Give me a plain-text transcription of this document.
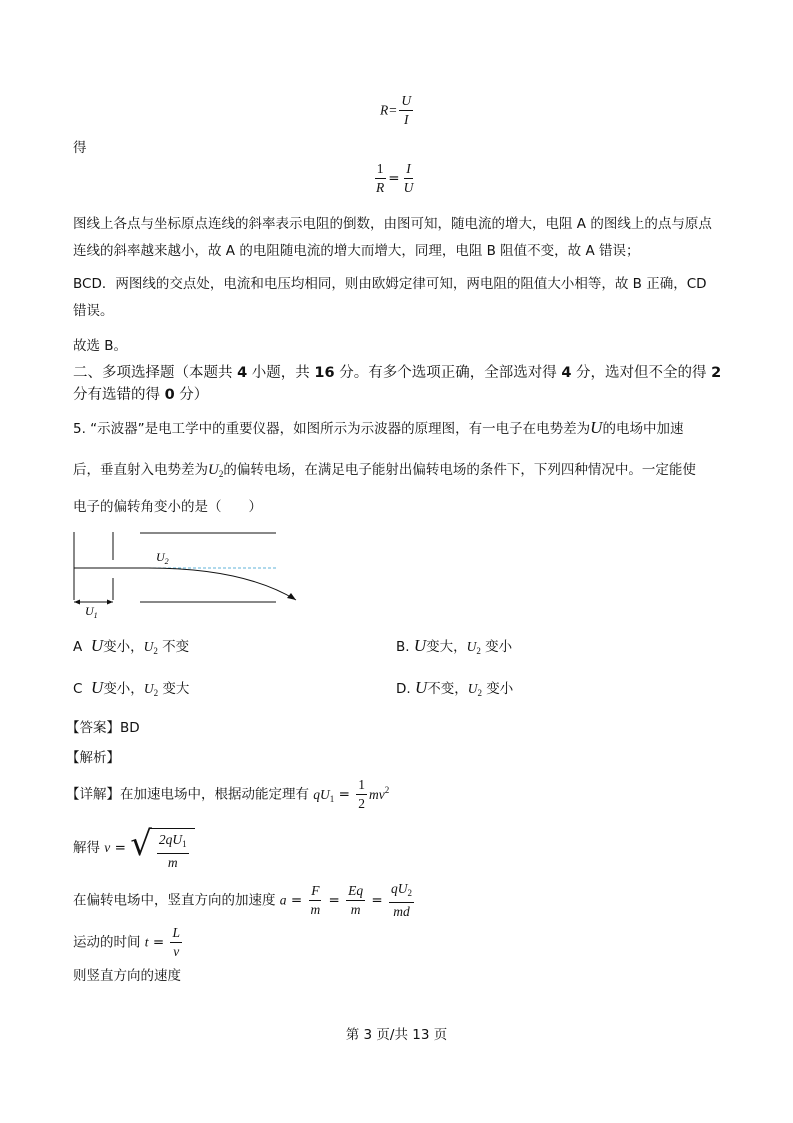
$R= \frac{U}{I}$
得
$\frac{1}{R} = \frac{I}{U}$
图线上各点与坐标原点连线的斜率表示电阻的倒数，由图可知，随电流的增大，电阻 A 的图线上的点与原点连线的斜率越来越小，故 A 的电阻随电流的增大而增大，同理，电阻 B 阻值不变，故 A 错误；
BCD．两图线的交点处，电流和电压均相同，则由欧姆定律可知，两电阻的阻值大小相等，故 B 正确，CD 错误。
故选 B。
二、多项选择题（本题共 4 小题，共 16 分。有多个选项正确，全部选对得 4 分，选对但不全的得 2 分有选错的得 0 分）
5. “示波器”是电工学中的重要仪器，如图所示为示波器的原理图，有一电子在电势差为U的电场中加速
后，垂直射入电势差为$U_2$的偏转电场，在满足电子能射出偏转电场的条件下，下列四种情况中。一定能使
电子的偏转角变小的是（　　）
$U_2$
$U_1$
A U变小，$U_2$ 不变	B. U变大，$U_2$ 变小
C U变小，$U_2$ 变大	D. U不变，$U_2$ 变小
【答案】BD
【解析】
【详解】在加速电场中，根据动能定理有 $qU_1 = \frac{1}{2} mv^2$
解得 v = √ $\frac{2qU_1}{m}$
在偏转电场中，竖直方向的加速度 $a = \frac{F}{m} = \frac{Eq}{m} = \frac{qU_2}{md}$
运动的时间 $t = \frac{L}{v}$
则竖直方向的速度
第 3 页/共 13 页
